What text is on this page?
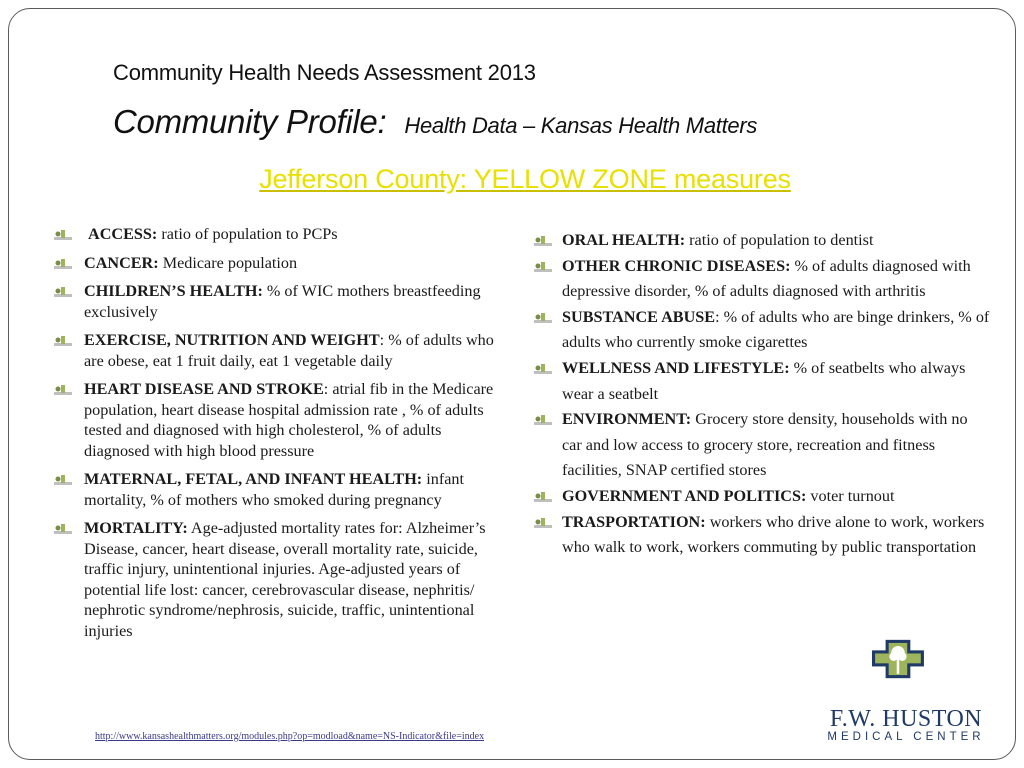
Community Health Needs Assessment 2013
Community Profile: Health Data – Kansas Health Matters
Jefferson County: YELLOW ZONE measures
ACCESS: ratio of population to PCPs
CANCER: Medicare population
CHILDREN’S HEALTH: % of WIC mothers breastfeeding exclusively
EXERCISE, NUTRITION AND WEIGHT: % of adults who are obese, eat 1 fruit daily, eat 1 vegetable daily
HEART DISEASE AND STROKE: atrial fib in the Medicare population, heart disease hospital admission rate , % of adults tested and diagnosed with high cholesterol, % of adults diagnosed with high blood pressure
MATERNAL, FETAL, AND INFANT HEALTH: infant mortality, % of mothers who smoked during pregnancy
MORTALITY: Age-adjusted mortality rates for: Alzheimer’s Disease, cancer, heart disease, overall mortality rate, suicide, traffic injury, unintentional injuries. Age-adjusted years of potential life lost: cancer, cerebrovascular disease, nephritis/ nephrotic syndrome/nephrosis, suicide, traffic, unintentional injuries
ORAL HEALTH: ratio of population to dentist
OTHER CHRONIC DISEASES: % of adults diagnosed with depressive disorder, % of adults diagnosed with arthritis
SUBSTANCE ABUSE: % of adults who are binge drinkers, % of adults who currently smoke cigarettes
WELLNESS AND LIFESTYLE: % of seatbelts who always wear a seatbelt
ENVIRONMENT: Grocery store density, households with no car and low access to grocery store, recreation and fitness facilities, SNAP certified stores
GOVERNMENT AND POLITICS: voter turnout
TRASPORTATION: workers who drive alone to work, workers who walk to work, workers commuting by public transportation
http://www.kansashealthmatters.org/modules.php?op=modload&name=NS-Indicator&file=index
F.W. HUSTON
MEDICAL CENTER
